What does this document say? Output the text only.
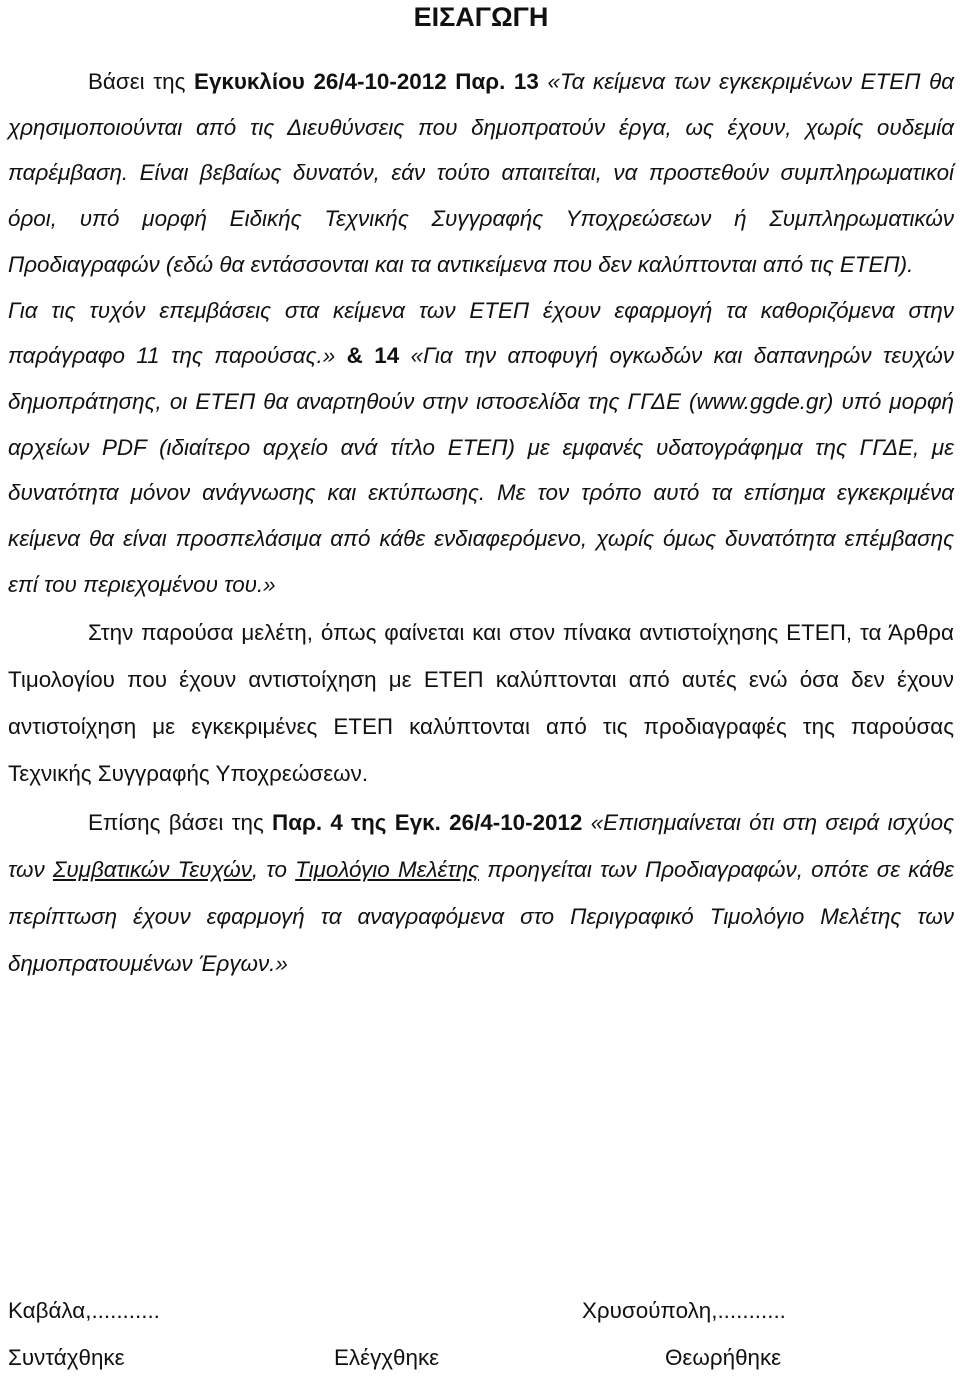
ΕΙΣΑΓΩΓΗ

Βάσει της Εγκυκλίου 26/4-10-2012 Παρ. 13 «Τα κείμενα των εγκεκριμένων ΕΤΕΠ θα χρησιμοποιούνται από τις Διευθύνσεις που δημοπρατούν έργα, ως έχουν, χωρίς ουδεμία παρέμβαση. Είναι βεβαίως δυνατόν, εάν τούτο απαιτείται, να προστεθούν συμπληρωματικοί όροι, υπό μορφή Ειδικής Τεχνικής Συγγραφής Υποχρεώσεων ή Συμπληρωματικών Προδιαγραφών (εδώ θα εντάσσονται και τα αντικείμενα που δεν καλύπτονται από τις ΕΤΕΠ).
Για τις τυχόν επεμβάσεις στα κείμενα των ΕΤΕΠ έχουν εφαρμογή τα καθοριζόμενα στην παράγραφο 11 της παρούσας.» & 14 «Για την αποφυγή ογκωδών και δαπανηρών τευχών δημοπράτησης, οι ΕΤΕΠ θα αναρτηθούν στην ιστοσελίδα της ΓΓΔΕ (www.ggde.gr) υπό μορφή αρχείων PDF (ιδιαίτερο αρχείο ανά τίτλο ΕΤΕΠ) με εμφανές υδατογράφημα της ΓΓΔΕ, με δυνατότητα μόνον ανάγνωσης και εκτύπωσης. Με τον τρόπο αυτό τα επίσημα εγκεκριμένα κείμενα θα είναι προσπελάσιμα από κάθε ενδιαφερόμενο, χωρίς όμως δυνατότητα επέμβασης επί του περιεχομένου του.»

Στην παρούσα μελέτη, όπως φαίνεται και στον πίνακα αντιστοίχησης ΕΤΕΠ, τα Άρθρα Τιμολογίου που έχουν αντιστοίχηση με ΕΤΕΠ καλύπτονται από αυτές ενώ όσα δεν έχουν αντιστοίχηση με εγκεκριμένες ΕΤΕΠ καλύπτονται από τις προδιαγραφές της παρούσας Τεχνικής Συγγραφής Υποχρεώσεων.

Επίσης βάσει της Παρ. 4 της Εγκ. 26/4-10-2012 «Επισημαίνεται ότι στη σειρά ισχύος των Συμβατικών Τευχών, το Τιμολόγιο Μελέτης προηγείται των Προδιαγραφών, οπότε σε κάθε περίπτωση έχουν εφαρμογή τα αναγραφόμενα στο Περιγραφικό Τιμολόγιο Μελέτης των δημοπρατουμένων Έργων.»

Καβάλα,...........	Χρυσούπολη,...........
Συντάχθηκε	Ελέγχθηκε	Θεωρήθηκε
